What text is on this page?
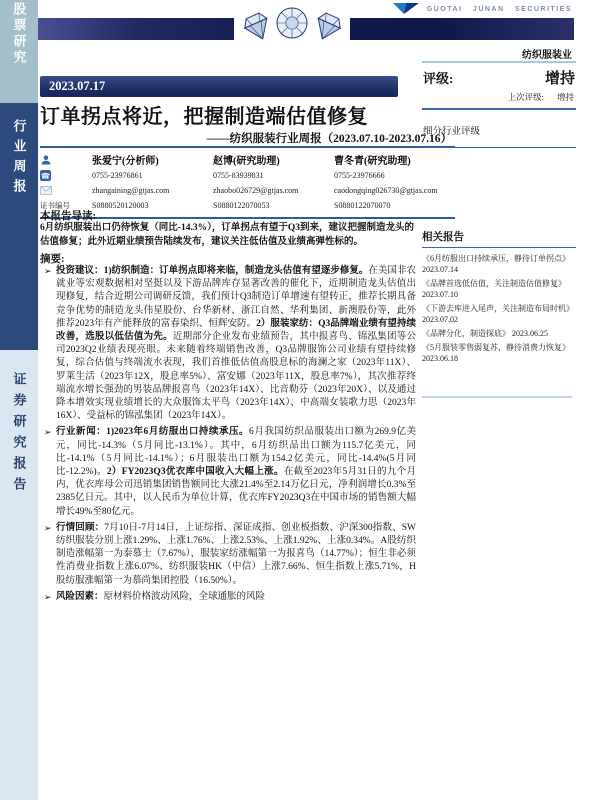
股票研究
行业周报
证券研究报告
GUOTAI JUNAN SECURITIES
纺织服装业
2023.07.17
订单拐点将近，把握制造端估值修复
——纺织服装行业周报（2023.07.10-2023.07.16）
张爱宁(分析师)	赵博(研究助理)	曹冬青(研究助理)
☎	0755-23976861	0755-83939831	0755-23976666
zhangaining@gtjas.com	zhaobo026729@gtjas.com	caodongqing026730@gtjas.com
证书编号	S0880520120003	S0880122070053	S0880122070070
本报告导读:
6月纺织服装出口仍待恢复（同比-14.3%），订单拐点有望于Q3到来，建议把握制造龙头的估值修复；此外近期业绩预告陆续发布，建议关注低估值及业绩高弹性标的。
摘要:
➢ 投资建议：1)纺织制造：订单拐点即将来临，制造龙头估值有望逐步修复。在美国非农就业等宏观数据相对坚挺以及下游品牌库存显著改善的催化下，近期制造龙头估值出现修复，结合近期公司调研反馈，我们预计Q3制造订单增速有望转正，推荐长期具备竞争优势的制造龙头伟星股份、台华新材、浙江自然、华利集团、新澳股份等，此外推荐2023年有产能释放的富春染织、恒辉安防。2）服装家纺：Q3品牌端业绩有望持续改善，选股以低估值为先。近期部分企业发布业绩预告，其中报喜鸟、锦泓集团等公司2023Q2业绩表现亮眼。未来随着终端销售改善，Q3品牌服饰公司业绩有望持续修复，综合估值与终端流水表现，我们首推低估值高股息标的海澜之家（2023年11X）、罗莱生活（2023年12X，股息率5%）、富安娜（2023年11X，股息率7%），其次推荐终端流水增长强劲的男装品牌报喜鸟（2023年14X）、比音勒芬（2023年20X）、以及通过降本增效实现业绩增长的大众服饰太平鸟（2023年14X）、中高端女装歌力思（2023年16X）、受益标的锦泓集团（2023年14X）。
➢ 行业新闻：1)2023年6月纺服出口持续承压。6月我国纺织品服装出口额为269.9亿美元，同比-14.3%（5月同比-13.1%）。其中，6月纺织品出口额为115.7亿美元，同比-14.1%（5月同比-14.1%）；6月服装出口额为154.2亿美元，同比-14.4%(5月同比-12.2%)。2）FY2023Q3优衣库中国收入大幅上涨。在截至2023年5月31日的九个月内，优衣库母公司迅销集团销售额同比大涨21.4%至2.14万亿日元，净利润增长0.3%至2385亿日元。其中，以人民币为单位计算，优衣库FY2023Q3在中国市场的销售额大幅增长49%至80亿元。
➢ 行情回顾：7月10日-7月14日，上证综指、深证成指、创业板指数、沪深300指数、SW纺织服装分别上涨1.29%、上涨1.76%、上涨2.53%、上涨1.92%、上涨0.34%。A股纺织制造涨幅第一为泰慕士（7.67%），服装家纺涨幅第一为报喜鸟（14.77%）；恒生非必须性消费业指数上涨6.07%、纺织服装HK（中信）上涨7.66%、恒生指数上涨5.71%，H股纺服涨幅第一为慕尚集团控股（16.50%）。
➢ 风险因素：原材料价格波动风险，全球通胀的风险
评级:	增持
上次评级: 增持
细分行业评级
相关报告
《6月纺服出口持续承压，静待订单拐点》 2023.07.14
《品牌首选低估值，关注制造估值修复》 2023.07.10
《下游去库进入尾声，关注制造布局时机》 2023.07.02
《品牌分化，制造探底》 2023.06.25
《5月服装零售弱复苏，静待消费力恢复》 2023.06.18
